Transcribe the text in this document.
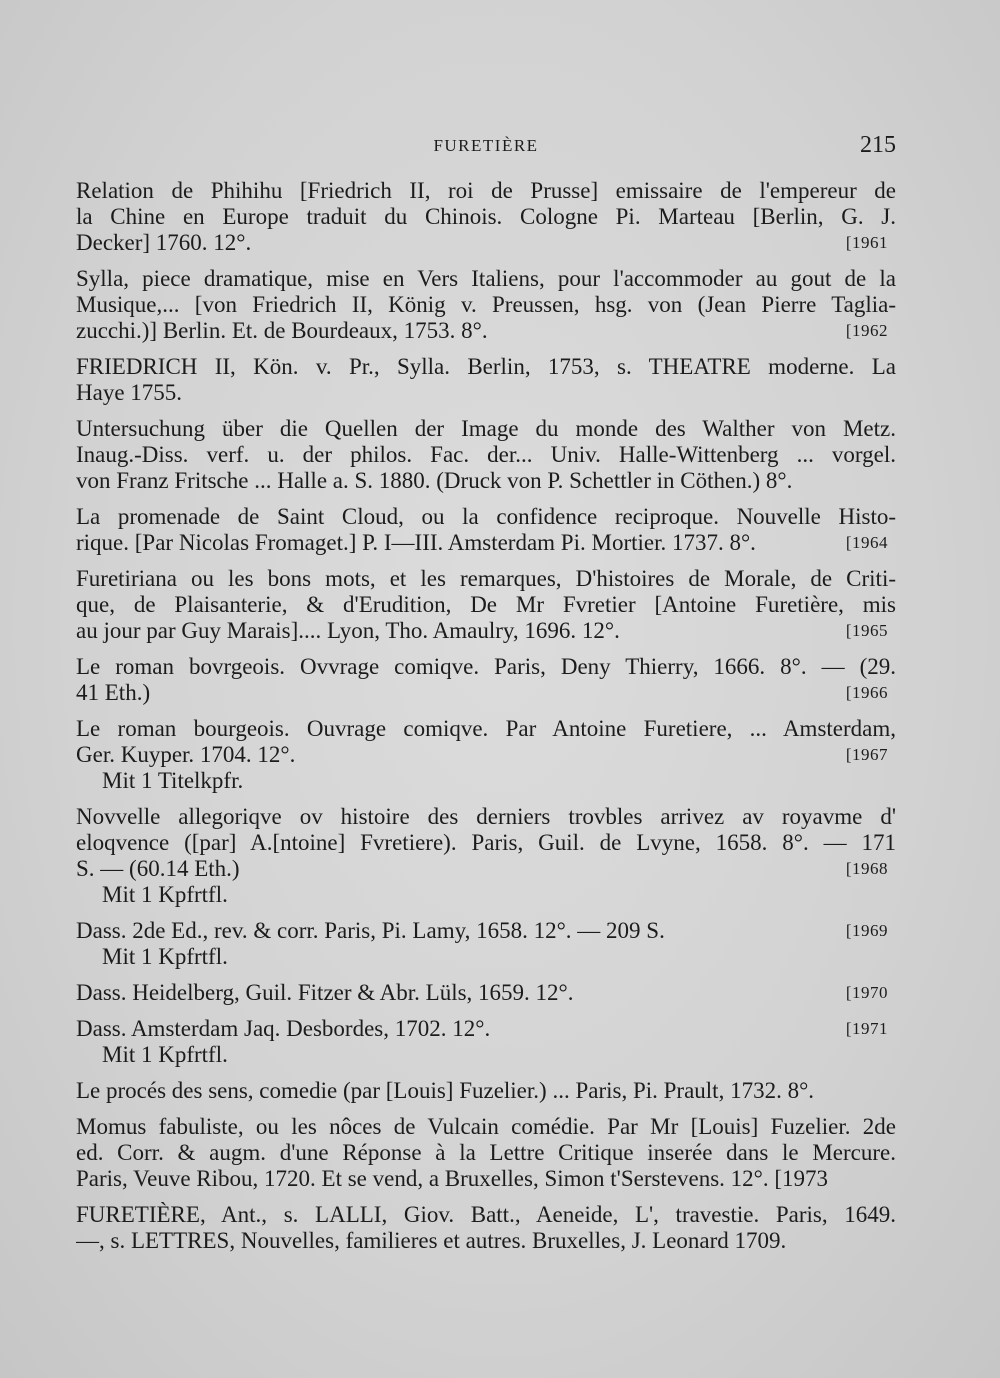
FURETIÈRE	215
Relation de Phihihu [Friedrich II, roi de Prusse] emissaire de l'empereur de
la Chine en Europe traduit du Chinois. Cologne Pi. Marteau [Berlin, G. J.
Decker] 1760. 12°.	[1961
Sylla, piece dramatique, mise en Vers Italiens, pour l'accommoder au gout de la
Musique,... [von Friedrich II, König v. Preussen, hsg. von (Jean Pierre Taglia-
zucchi.)] Berlin. Et. de Bourdeaux, 1753. 8°.	[1962
FRIEDRICH II, Kön. v. Pr., Sylla. Berlin, 1753, s. THEATRE moderne. La
Haye 1755.
Untersuchung über die Quellen der Image du monde des Walther von Metz.
Inaug.-Diss. verf. u. der philos. Fac. der... Univ. Halle-Wittenberg ... vorgel.
von Franz Fritsche ... Halle a. S. 1880. (Druck von P. Schettler in Cöthen.) 8°.
La promenade de Saint Cloud, ou la confidence reciproque. Nouvelle Histo-
rique. [Par Nicolas Fromaget.] P. I—III. Amsterdam Pi. Mortier. 1737. 8°.	[1964
Furetiriana ou les bons mots, et les remarques, D'histoires de Morale, de Criti-
que, de Plaisanterie, & d'Erudition, De Mr Fvretier [Antoine Furetière, mis
au jour par Guy Marais].... Lyon, Tho. Amaulry, 1696. 12°.	[1965
Le roman bovrgeois. Ovvrage comiqve. Paris, Deny Thierry, 1666. 8°. — (29.
41 Eth.)	[1966
Le roman bourgeois. Ouvrage comiqve. Par Antoine Furetiere, ... Amsterdam,
Ger. Kuyper. 1704. 12°.	[1967
Mit 1 Titelkpfr.
Novvelle allegoriqve ov histoire des derniers trovbles arrivez av royavme d'
eloqvence ([par] A.[ntoine] Fvretiere). Paris, Guil. de Lvyne, 1658. 8°. — 171
S. — (60.14 Eth.)	[1968
Mit 1 Kpfrtfl.
Dass. 2de Ed., rev. & corr. Paris, Pi. Lamy, 1658. 12°. — 209 S.	[1969
Mit 1 Kpfrtfl.
Dass. Heidelberg, Guil. Fitzer & Abr. Lüls, 1659. 12°.	[1970
Dass. Amsterdam Jaq. Desbordes, 1702. 12°.	[1971
Mit 1 Kpfrtfl.
Le procés des sens, comedie (par [Louis] Fuzelier.) ... Paris, Pi. Prault, 1732. 8°.
Momus fabuliste, ou les nôces de Vulcain comédie. Par Mr [Louis] Fuzelier. 2de
ed. Corr. & augm. d'une Réponse à la Lettre Critique inserée dans le Mercure.
Paris, Veuve Ribou, 1720. Et se vend, a Bruxelles, Simon t'Serstevens. 12°. [1973
FURETIÈRE, Ant., s. LALLI, Giov. Batt., Aeneide, L', travestie. Paris, 1649.
—, s. LETTRES, Nouvelles, familieres et autres. Bruxelles, J. Leonard 1709.
